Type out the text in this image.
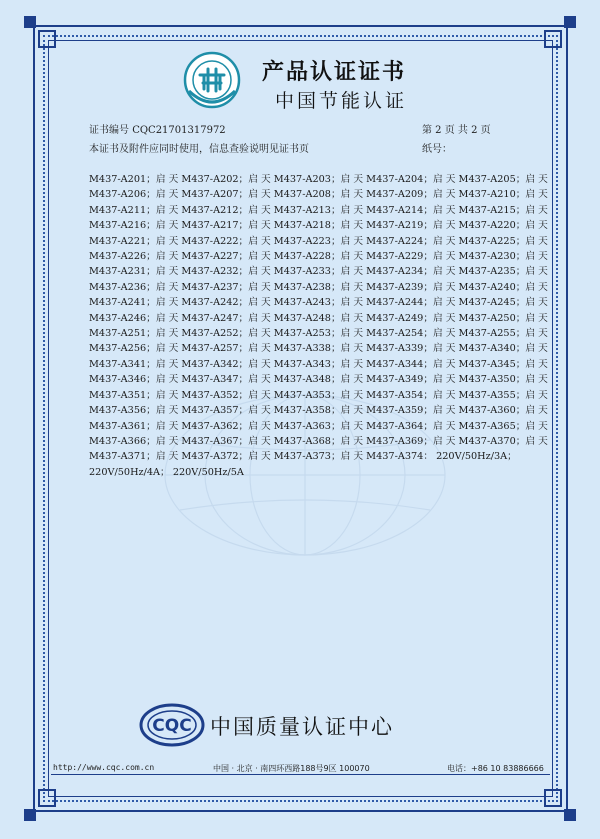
产品认证证书
中国节能认证
证书编号 CQC21701317972	第 2 页 共 2 页
本证书及附件应同时使用，信息查验说明见证书页	纸号：
M437-A201；启 天 M437-A202；启 天 M437-A203；启 天 M437-A204；启 天 M437-A205；启 天
M437-A206；启 天 M437-A207；启 天 M437-A208；启 天 M437-A209；启 天 M437-A210；启 天
M437-A211；启 天 M437-A212；启 天 M437-A213；启 天 M437-A214；启 天 M437-A215；启 天
M437-A216；启 天 M437-A217；启 天 M437-A218；启 天 M437-A219；启 天 M437-A220；启 天
M437-A221；启 天 M437-A222；启 天 M437-A223；启 天 M437-A224；启 天 M437-A225；启 天
M437-A226；启 天 M437-A227；启 天 M437-A228；启 天 M437-A229；启 天 M437-A230；启 天
M437-A231；启 天 M437-A232；启 天 M437-A233；启 天 M437-A234；启 天 M437-A235；启 天
M437-A236；启 天 M437-A237；启 天 M437-A238；启 天 M437-A239；启 天 M437-A240；启 天
M437-A241；启 天 M437-A242；启 天 M437-A243；启 天 M437-A244；启 天 M437-A245；启 天
M437-A246；启 天 M437-A247；启 天 M437-A248；启 天 M437-A249；启 天 M437-A250；启 天
M437-A251；启 天 M437-A252；启 天 M437-A253；启 天 M437-A254；启 天 M437-A255；启 天
M437-A256；启 天 M437-A257；启 天 M437-A338；启 天 M437-A339；启 天 M437-A340；启 天
M437-A341；启 天 M437-A342；启 天 M437-A343；启 天 M437-A344；启 天 M437-A345；启 天
M437-A346；启 天 M437-A347；启 天 M437-A348；启 天 M437-A349；启 天 M437-A350；启 天
M437-A351；启 天 M437-A352；启 天 M437-A353；启 天 M437-A354；启 天 M437-A355；启 天
M437-A356；启 天 M437-A357；启 天 M437-A358；启 天 M437-A359；启 天 M437-A360；启 天
M437-A361；启 天 M437-A362；启 天 M437-A363；启 天 M437-A364；启 天 M437-A365；启 天
M437-A366；启 天 M437-A367；启 天 M437-A368；启 天 M437-A369；启 天 M437-A370；启 天
M437-A371；启 天 M437-A372；启 天 M437-A373；启 天 M437-A374： 220V/50Hz/3A；
220V/50Hz/4A； 220V/50Hz/5A
CQC 中国质量认证中心
http://www.cqc.com.cn	中国 · 北京 · 南四环西路188号9区 100070	电话：+86 10 83886666
